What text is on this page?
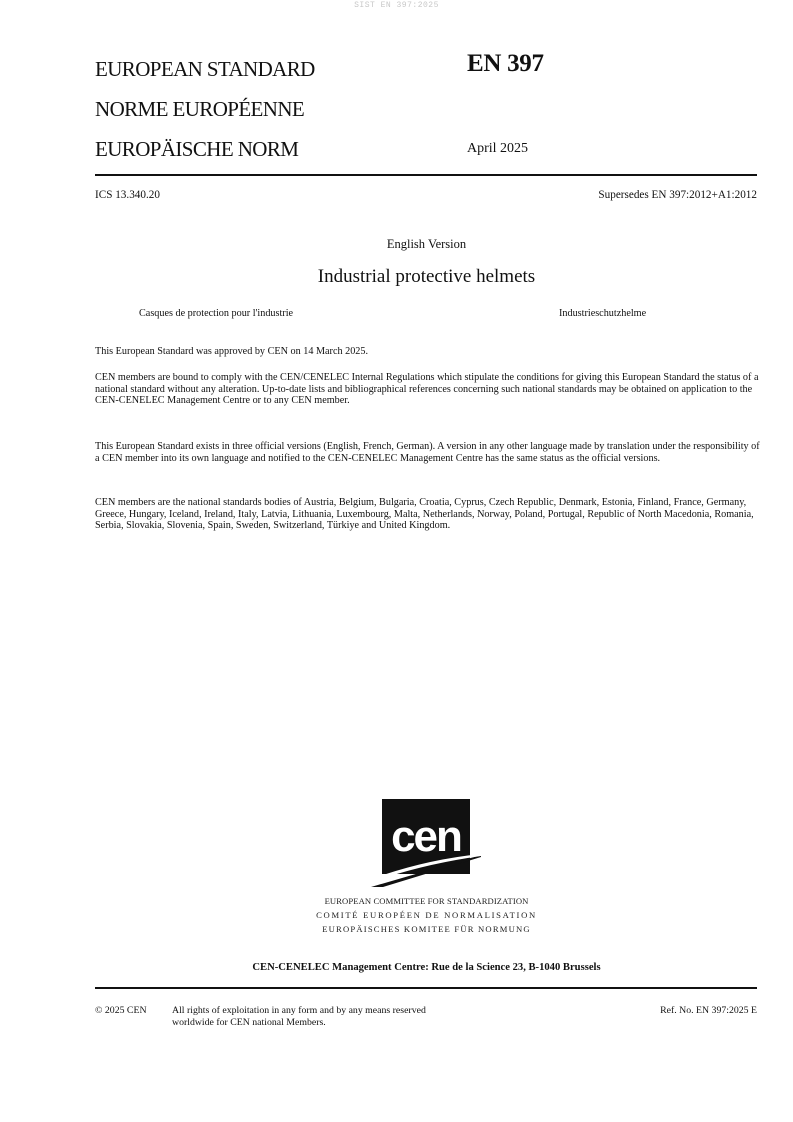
SIST EN 397:2025
EUROPEAN STANDARD
NORME EUROPÉENNE
EUROPÄISCHE NORM
EN 397
April 2025
ICS 13.340.20	Supersedes EN 397:2012+A1:2012
English Version
Industrial protective helmets
Casques de protection pour l'industrie	Industrieschutzhelme

This European Standard was approved by CEN on 14 March 2025.

CEN members are bound to comply with the CEN/CENELEC Internal Regulations which stipulate the conditions for giving this European Standard the status of a national standard without any alteration. Up-to-date lists and bibliographical references concerning such national standards may be obtained on application to the CEN-CENELEC Management Centre or to any CEN member.

This European Standard exists in three official versions (English, French, German). A version in any other language made by translation under the responsibility of a CEN member into its own language and notified to the CEN-CENELEC Management Centre has the same status as the official versions.

CEN members are the national standards bodies of Austria, Belgium, Bulgaria, Croatia, Cyprus, Czech Republic, Denmark, Estonia, Finland, France, Germany, Greece, Hungary, Iceland, Ireland, Italy, Latvia, Lithuania, Luxembourg, Malta, Netherlands, Norway, Poland, Portugal, Republic of North Macedonia, Romania, Serbia, Slovakia, Slovenia, Spain, Sweden, Switzerland, Türkiye and United Kingdom.

cen
EUROPEAN COMMITTEE FOR STANDARDIZATION
COMITÉ EUROPÉEN DE NORMALISATION
EUROPÄISCHES KOMITEE FÜR NORMUNG
CEN-CENELEC Management Centre: Rue de la Science 23, B-1040 Brussels
© 2025 CEN	All rights of exploitation in any form and by any means reserved
worldwide for CEN national Members.
Ref. No. EN 397:2025 E
